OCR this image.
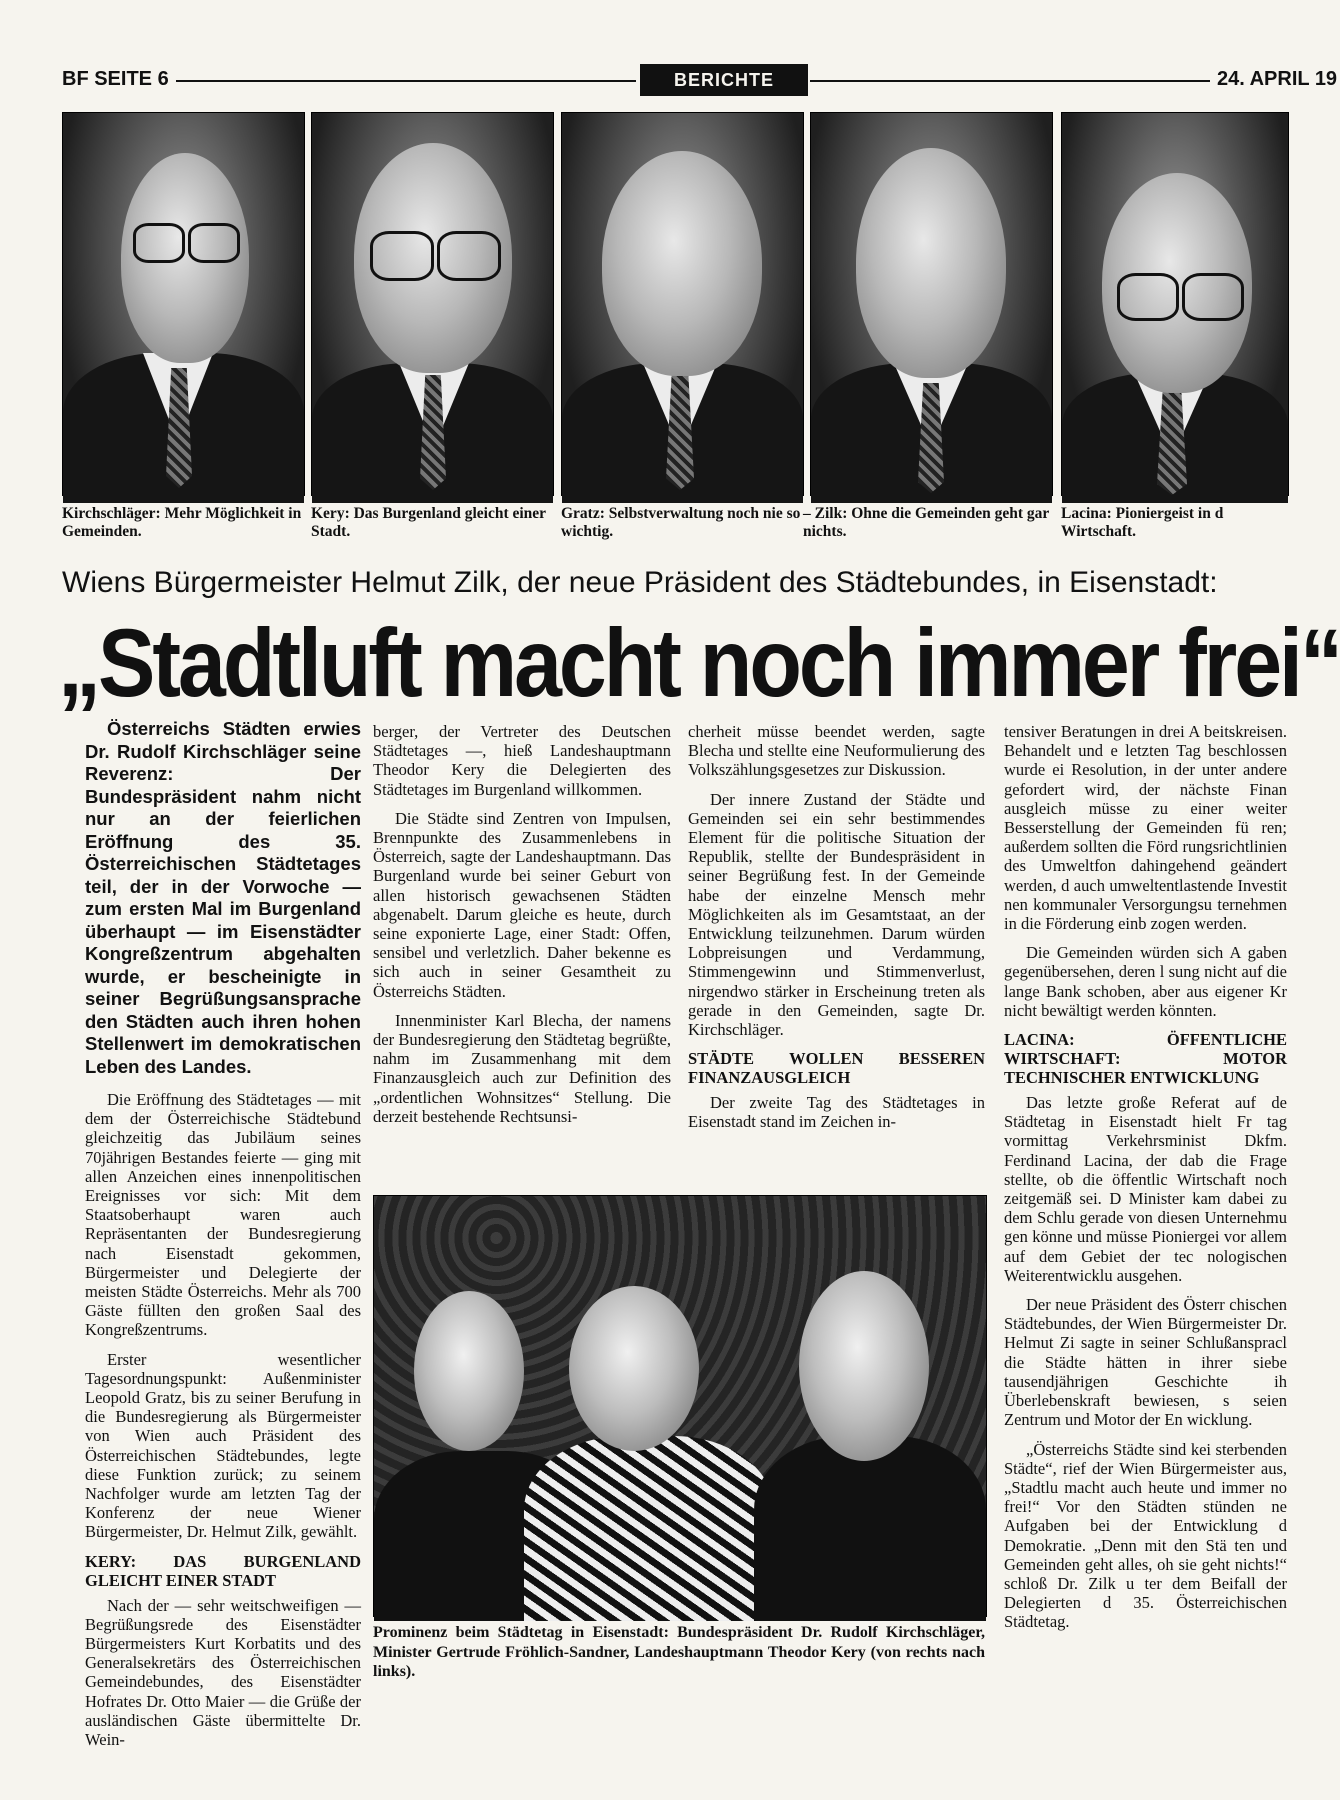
BF SEITE 6	BERICHTE	24. APRIL 19
Kirchschläger: Mehr Möglichkeit in Gemeinden.
Kery: Das Burgenland gleicht einer Stadt.
Gratz: Selbstverwaltung noch nie so wichtig.
– Zilk: Ohne die Gemeinden geht gar nichts.
Lacina: Pioniergeist in d Wirtschaft.
Wiens Bürgermeister Helmut Zilk, der neue Präsident des Städtebundes, in Eisenstadt:
„Stadtluft macht noch immer frei“
Österreichs Städten erwies Dr. Rudolf Kirchschläger seine Reverenz: Der Bundespräsident nahm nicht nur an der feierlichen Eröffnung des 35. Österreichischen Städtetages teil, der in der Vorwoche — zum ersten Mal im Burgenland überhaupt — im Eisenstädter Kongreßzentrum abgehalten wurde, er bescheinigte in seiner Begrüßungsansprache den Städten auch ihren hohen Stellenwert im demokratischen Leben des Landes.

Die Eröffnung des Städtetages — mit dem der Österreichische Städtebund gleichzeitig das Jubiläum seines 70jährigen Bestandes feierte — ging mit allen Anzeichen eines innenpolitischen Ereignisses vor sich: Mit dem Staatsoberhaupt waren auch Repräsentanten der Bundesregierung nach Eisenstadt gekommen, Bürgermeister und Delegierte der meisten Städte Österreichs. Mehr als 700 Gäste füllten den großen Saal des Kongreßzentrums.

Erster wesentlicher Tagesordnungspunkt: Außenminister Leopold Gratz, bis zu seiner Berufung in die Bundesregierung als Bürgermeister von Wien auch Präsident des Österreichischen Städtebundes, legte diese Funktion zurück; zu seinem Nachfolger wurde am letzten Tag der Konferenz der neue Wiener Bürgermeister, Dr. Helmut Zilk, gewählt.

KERY: DAS BURGENLAND GLEICHT EINER STADT

Nach der — sehr weitschweifigen — Begrüßungsrede des Eisenstädter Bürgermeisters Kurt Korbatits und des Generalsekretärs des Österreichischen Gemeindebundes, des Eisenstädter Hofrates Dr. Otto Maier — die Grüße der ausländischen Gäste übermittelte Dr. Wein-

berger, der Vertreter des Deutschen Städtetages —, hieß Landeshauptmann Theodor Kery die Delegierten des Städtetages im Burgenland willkommen.

Die Städte sind Zentren von Impulsen, Brennpunkte des Zusammenlebens in Österreich, sagte der Landeshauptmann. Das Burgenland wurde bei seiner Geburt von allen historisch gewachsenen Städten abgenabelt. Darum gleiche es heute, durch seine exponierte Lage, einer Stadt: Offen, sensibel und verletzlich. Daher bekenne es sich auch in seiner Gesamtheit zu Österreichs Städten.

Innenminister Karl Blecha, der namens der Bundesregierung den Städtetag begrüßte, nahm im Zusammenhang mit dem Finanzausgleich auch zur Definition des „ordentlichen Wohnsitzes“ Stellung. Die derzeit bestehende Rechtsunsi-

cherheit müsse beendet werden, sagte Blecha und stellte eine Neuformulierung des Volkszählungsgesetzes zur Diskussion.

Der innere Zustand der Städte und Gemeinden sei ein sehr bestimmendes Element für die politische Situation der Republik, stellte der Bundespräsident in seiner Begrüßung fest. In der Gemeinde habe der einzelne Mensch mehr Möglichkeiten als im Gesamtstaat, an der Entwicklung teilzunehmen. Darum würden Lobpreisungen und Verdammung, Stimmengewinn und Stimmenverlust, nirgendwo stärker in Erscheinung treten als gerade in den Gemeinden, sagte Dr. Kirchschläger.

STÄDTE WOLLEN BESSEREN FINANZAUSGLEICH

Der zweite Tag des Städtetages in Eisenstadt stand im Zeichen in-

tensiver Beratungen in drei A beitskreisen. Behandelt und e letzten Tag beschlossen wurde ei Resolution, in der unter andere gefordert wird, der nächste Finan ausgleich müsse zu einer weiter Besserstellung der Gemeinden fü ren; außerdem sollten die Förd rungsrichtlinien des Umweltfon dahingehend geändert werden, d auch umweltentlastende Investit nen kommunaler Versorgungsu ternehmen in die Förderung einb zogen werden.

Die Gemeinden würden sich A gaben gegenübersehen, deren l sung nicht auf die lange Bank schoben, aber aus eigener Kr nicht bewältigt werden könnten.

LACINA: ÖFFENTLICHE WIRTSCHAFT: MOTOR TECHNISCHER ENTWICKLUNG

Das letzte große Referat auf de Städtetag in Eisenstadt hielt Fr tag vormittag Verkehrsminist Dkfm. Ferdinand Lacina, der dab die Frage stellte, ob die öffentlic Wirtschaft noch zeitgemäß sei. D Minister kam dabei zu dem Schlu gerade von diesen Unternehmu gen könne und müsse Pioniergei vor allem auf dem Gebiet der tec nologischen Weiterentwicklu ausgehen.

Der neue Präsident des Österr chischen Städtebundes, der Wien Bürgermeister Dr. Helmut Zi sagte in seiner Schlußanspracl die Städte hätten in ihrer siebe tausendjährigen Geschichte ih Überlebenskraft bewiesen, s seien Zentrum und Motor der En wicklung.

„Österreichs Städte sind kei sterbenden Städte“, rief der Wien Bürgermeister aus, „Stadtlu macht auch heute und immer no frei!“ Vor den Städten stünden ne Aufgaben bei der Entwicklung d Demokratie. „Denn mit den Stä ten und Gemeinden geht alles, oh sie geht nichts!“ schloß Dr. Zilk u ter dem Beifall der Delegierten d 35. Österreichischen Städtetag.

Prominenz beim Städtetag in Eisenstadt: Bundespräsident Dr. Rudolf Kirchschläger, Minister Gertrude Fröhlich-Sandner, Landeshauptmann Theodor Kery (von rechts nach links).
